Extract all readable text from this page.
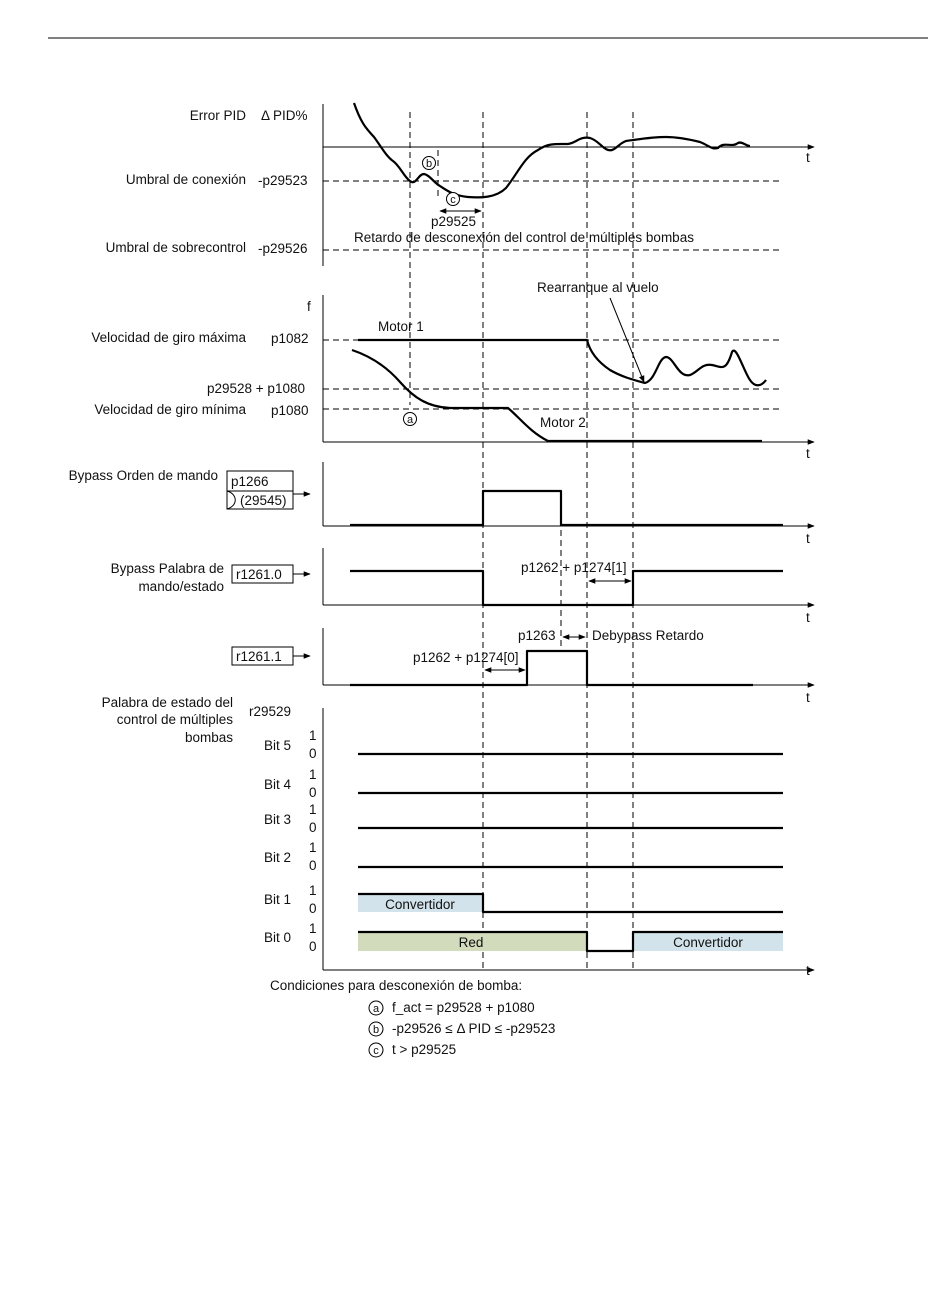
Error PID Δ PID%
t
Umbral de conexión -p29523
Umbral de sobrecontrol -p29526
b
c
p29525
Retardo de desconexión del control de múltiples bombas
f
t
Velocidad de giro máxima p1082
p29528 + p1080
Velocidad de giro mínima p1080
Motor 1
Motor 2
Rearranque al vuelo
a
Bypass Orden de mando p1266
(29545)
t
Bypass Palabra de
mando/estado
r1261.0
t
p1262 + p1274[1]
r1261.1
t
p1263	Debypass Retardo
p1262 + p1274[0]
Palabra de estado del
control de múltiples
bombas
r29529
t
Bit 5
1
0
Bit 4
1
0
Bit 3
1
0
Bit 2
1
0
Bit 1
1
0	Convertidor
Bit 0
1
0	Red	Convertidor
Condiciones para desconexión de bomba:
a f_act = p29528 + p1080
b -p29526 ≤ Δ PID ≤ -p29523
c t > p29525
